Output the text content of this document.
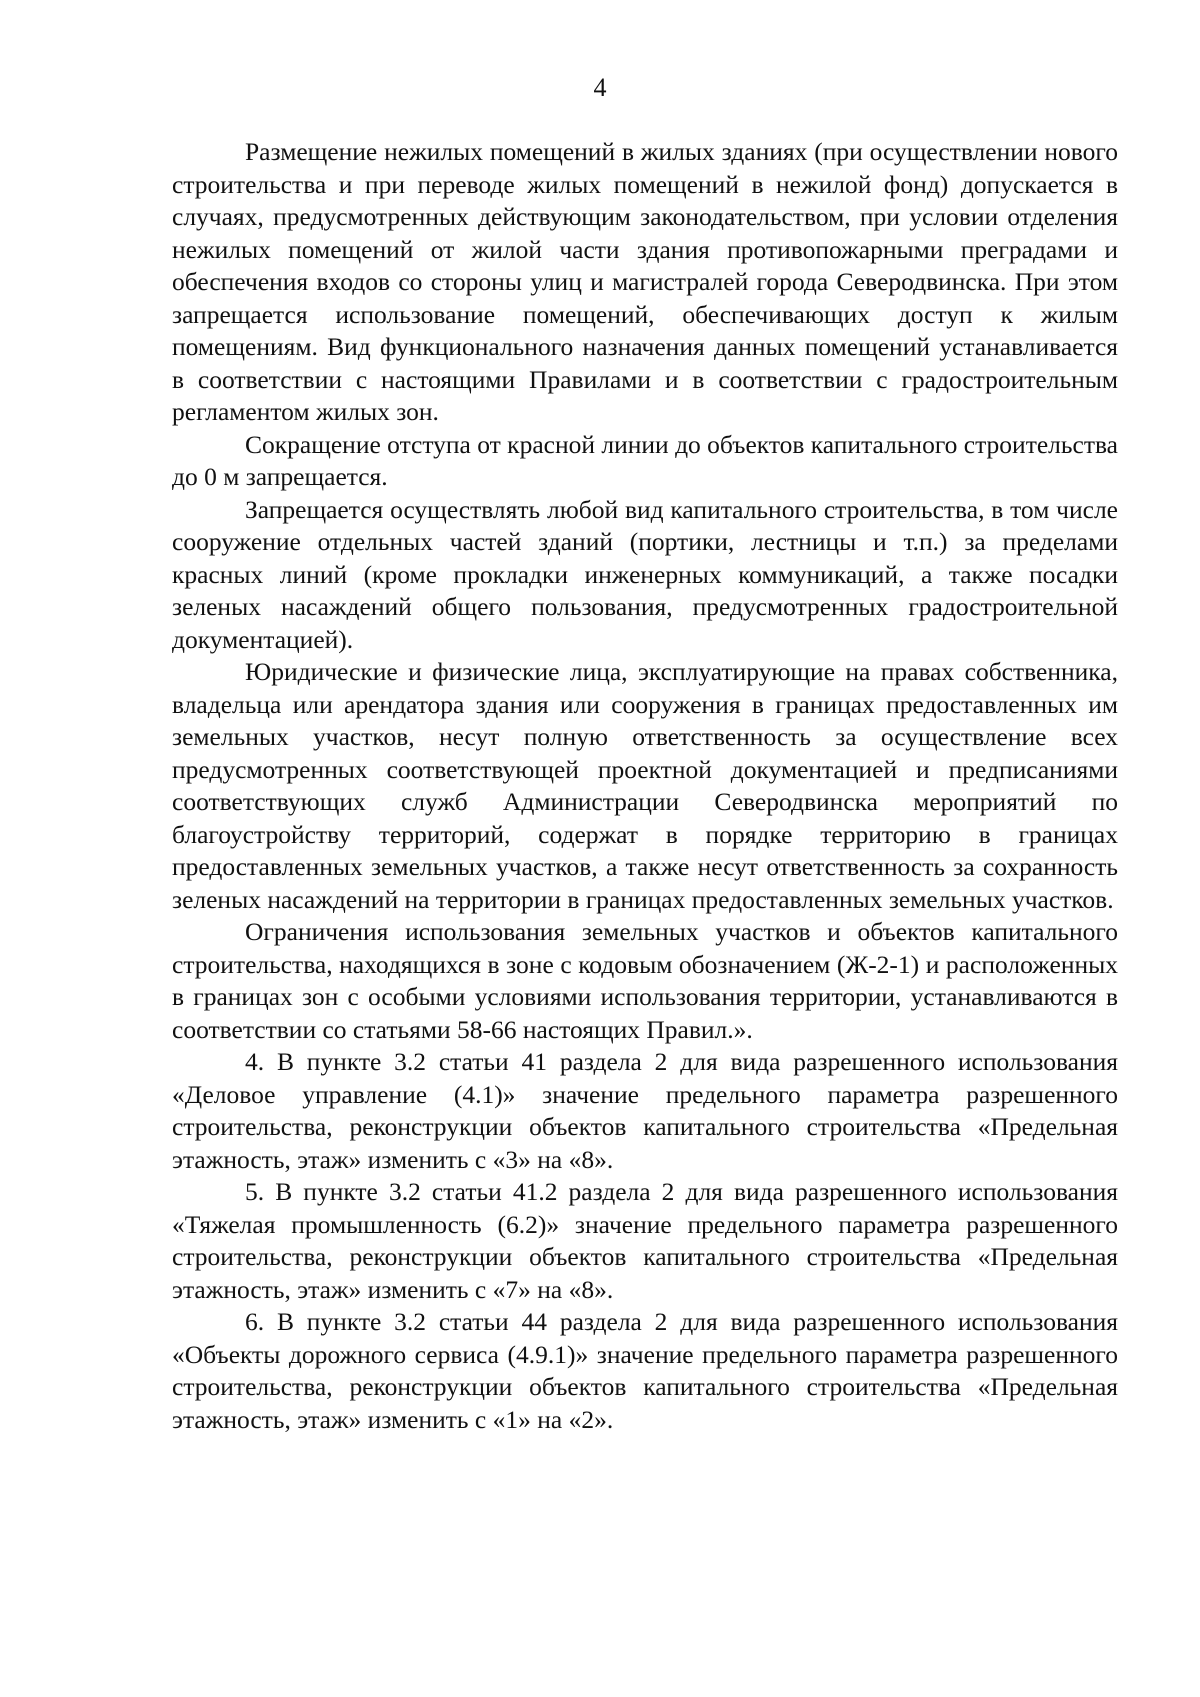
4

Размещение нежилых помещений в жилых зданиях (при осуществлении нового строительства и при переводе жилых помещений в нежилой фонд) допускается в случаях, предусмотренных действующим законодательством, при условии отделения нежилых помещений от жилой части здания противопожарными преградами и обеспечения входов со стороны улиц и магистралей города Северодвинска. При этом запрещается использование помещений, обеспечивающих доступ к жилым помещениям. Вид функционального назначения данных помещений устанавливается в соответствии с настоящими Правилами и в соответствии с градостроительным регламентом жилых зон.

Сокращение отступа от красной линии до объектов капитального строительства до 0 м запрещается.

Запрещается осуществлять любой вид капитального строительства, в том числе сооружение отдельных частей зданий (портики, лестницы и т.п.) за пределами красных линий (кроме прокладки инженерных коммуникаций, а также посадки зеленых насаждений общего пользования, предусмотренных градостроительной документацией).

Юридические и физические лица, эксплуатирующие на правах собственника, владельца или арендатора здания или сооружения в границах предоставленных им земельных участков, несут полную ответственность за осуществление всех предусмотренных соответствующей проектной документацией и предписаниями соответствующих служб Администрации Северодвинска мероприятий по благоустройству территорий, содержат в порядке территорию в границах предоставленных земельных участков, а также несут ответственность за сохранность зеленых насаждений на территории в границах предоставленных земельных участков.

Ограничения использования земельных участков и объектов капитального строительства, находящихся в зоне с кодовым обозначением (Ж-2-1) и расположенных в границах зон с особыми условиями использования территории, устанавливаются в соответствии со статьями 58-66 настоящих Правил.».

4. В пункте 3.2 статьи 41 раздела 2 для вида разрешенного использования «Деловое управление (4.1)» значение предельного параметра разрешенного строительства, реконструкции объектов капитального строительства «Предельная этажность, этаж» изменить с «3» на «8».

5. В пункте 3.2 статьи 41.2 раздела 2 для вида разрешенного использования «Тяжелая промышленность (6.2)» значение предельного параметра разрешенного строительства, реконструкции объектов капитального строительства «Предельная этажность, этаж» изменить с «7» на «8».

6. В пункте 3.2 статьи 44 раздела 2 для вида разрешенного использования «Объекты дорожного сервиса (4.9.1)» значение предельного параметра разрешенного строительства, реконструкции объектов капитального строительства «Предельная этажность, этаж» изменить с «1» на «2».
